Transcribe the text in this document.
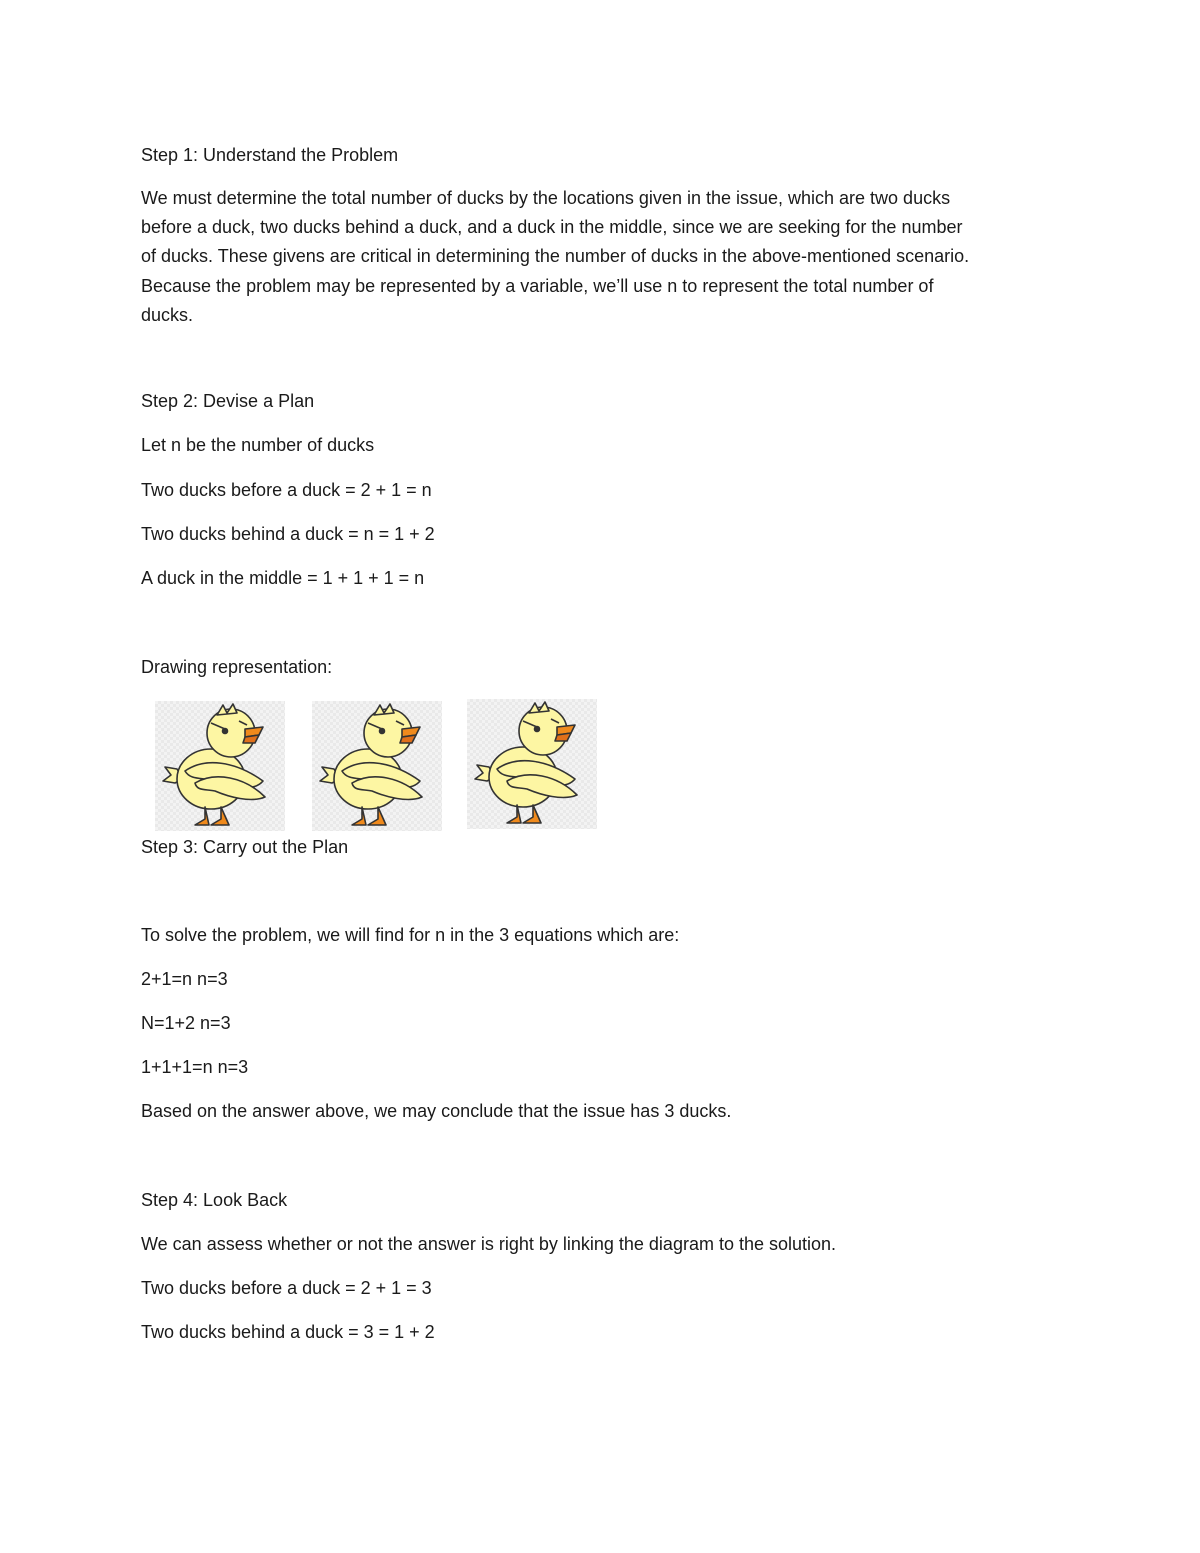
Step 1: Understand the Problem

We must determine the total number of ducks by the locations given in the issue, which are two ducks
before a duck, two ducks behind a duck, and a duck in the middle, since we are seeking for the number
of ducks. These givens are critical in determining the number of ducks in the above-mentioned scenario.
Because the problem may be represented by a variable, we’ll use n to represent the total number of
ducks.

Step 2: Devise a Plan

Let n be the number of ducks

Two ducks before a duck = 2 + 1 = n

Two ducks behind a duck = n = 1 + 2

A duck in the middle = 1 + 1 + 1 = n

Drawing representation:

Step 3: Carry out the Plan

To solve the problem, we will find for n in the 3 equations which are:

2+1=n n=3

N=1+2 n=3

1+1+1=n n=3

Based on the answer above, we may conclude that the issue has 3 ducks.

Step 4: Look Back

We can assess whether or not the answer is right by linking the diagram to the solution.

Two ducks before a duck = 2 + 1 = 3

Two ducks behind a duck = 3 = 1 + 2
